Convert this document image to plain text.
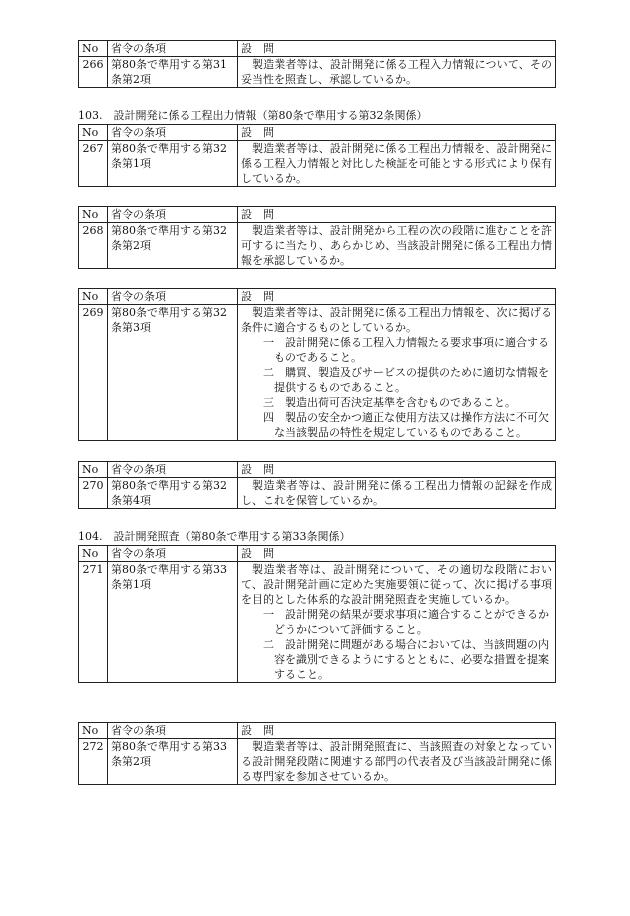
No	省令の条項	設　問
266	第80条で準用する第31条第2項	製造業者等は、設計開発に係る工程入力情報について、その妥当性を照査し、承認しているか。
103.　設計開発に係る工程出力情報（第80条で準用する第32条関係）
No	省令の条項	設　問
267	第80条で準用する第32条第1項	製造業者等は、設計開発に係る工程出力情報を、設計開発に係る工程入力情報と対比した検証を可能とする形式により保有しているか。
No	省令の条項	設　問
268	第80条で準用する第32条第2項	製造業者等は、設計開発から工程の次の段階に進むことを許可するに当たり、あらかじめ、当該設計開発に係る工程出力情報を承認しているか。
No	省令の条項	設　問
269	第80条で準用する第32条第3項	製造業者等は、設計開発に係る工程出力情報を、次に掲げる条件に適合するものとしているか。
一　設計開発に係る工程入力情報たる要求事項に適合するものであること。
二　購買、製造及びサービスの提供のために適切な情報を提供するものであること。
三　製造出荷可否決定基準を含むものであること。
四　製品の安全かつ適正な使用方法又は操作方法に不可欠な当該製品の特性を規定しているものであること。
No	省令の条項	設　問
270	第80条で準用する第32条第4項	製造業者等は、設計開発に係る工程出力情報の記録を作成し、これを保管しているか。
104.　設計開発照査（第80条で準用する第33条関係）
No	省令の条項	設　問
271	第80条で準用する第33条第1項	製造業者等は、設計開発について、その適切な段階において、設計開発計画に定めた実施要領に従って、次に掲げる事項を目的とした体系的な設計開発照査を実施しているか。
一　設計開発の結果が要求事項に適合することができるかどうかについて評価すること。
二　設計開発に問題がある場合においては、当該問題の内容を識別できるようにするとともに、必要な措置を提案すること。
No	省令の条項	設　問
272	第80条で準用する第33条第2項	製造業者等は、設計開発照査に、当該照査の対象となっている設計開発段階に関連する部門の代表者及び当該設計開発に係る専門家を参加させているか。
